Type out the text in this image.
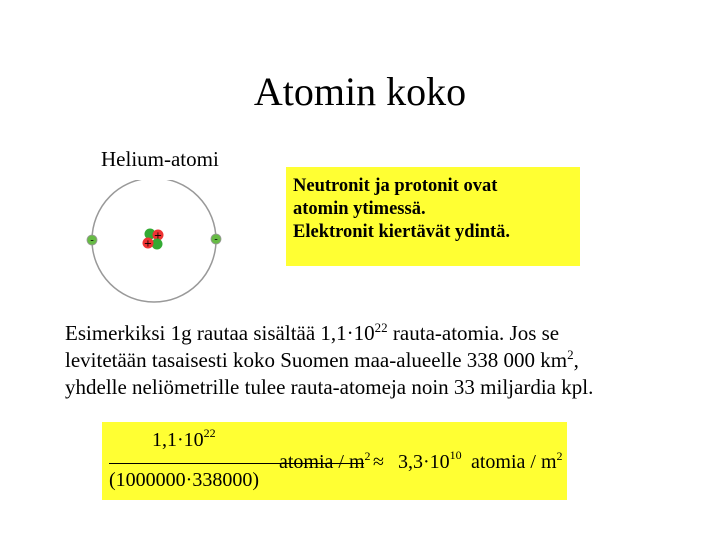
Atomin koko
Helium-atomi
+
+
-	-
Neutronit ja protonit ovat
atomin ytimessä.
Elektronit kiertävät ydintä.
Esimerkiksi 1g rautaa sisältää $1,1\cdot 10^{22}$ rauta-atomia. Jos se
levitetään tasaisesti koko Suomen maa-alueelle 338 000 $km^2$,
yhdelle neliömetrille tulee rauta-atomeja noin 33 miljardia kpl.
$1,1\cdot 10^{22}$
(1000000·338000)
atomia / $m^2 \approx 3,3\cdot 10^{10}$ atomia / $m^2$
